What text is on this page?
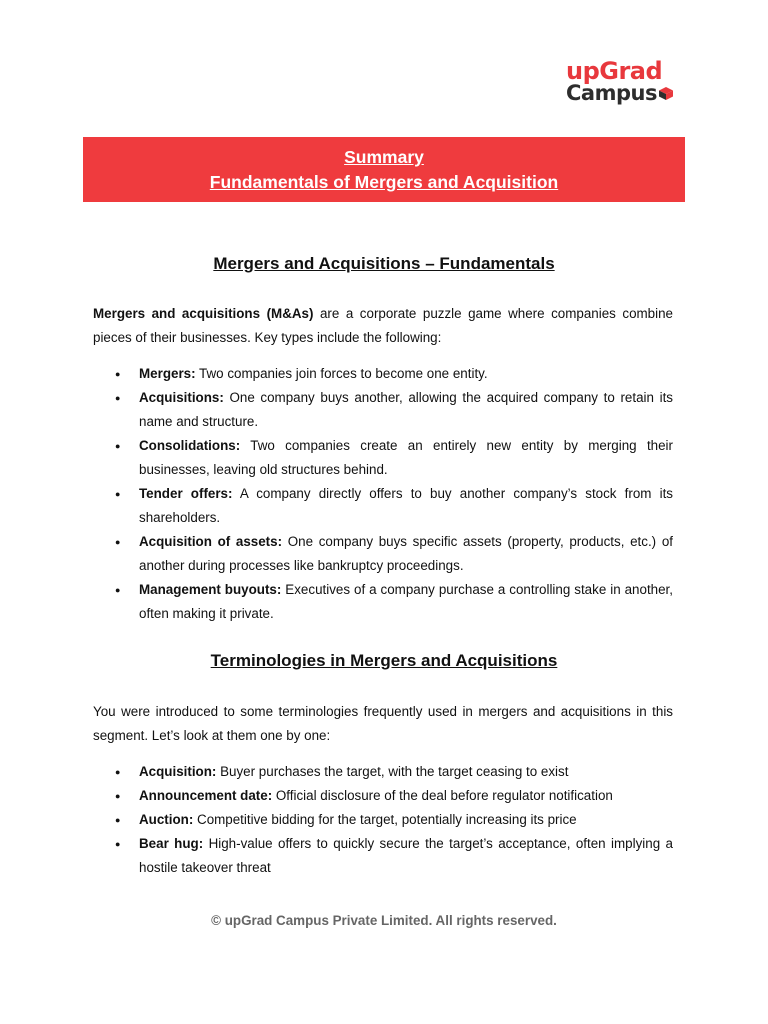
upGrad
Campus
Summary
Fundamentals of Mergers and Acquisition
Mergers and Acquisitions – Fundamentals

Mergers and acquisitions (M&As) are a corporate puzzle game where companies combine pieces of their businesses. Key types include the following:

● Mergers: Two companies join forces to become one entity.
● Acquisitions: One company buys another, allowing the acquired company to retain its name and structure.
● Consolidations: Two companies create an entirely new entity by merging their businesses, leaving old structures behind.
● Tender offers: A company directly offers to buy another company’s stock from its shareholders.
● Acquisition of assets: One company buys specific assets (property, products, etc.) of another during processes like bankruptcy proceedings.
● Management buyouts: Executives of a company purchase a controlling stake in another, often making it private.
Terminologies in Mergers and Acquisitions

You were introduced to some terminologies frequently used in mergers and acquisitions in this segment. Let’s look at them one by one:

● Acquisition: Buyer purchases the target, with the target ceasing to exist
● Announcement date: Official disclosure of the deal before regulator notification
● Auction: Competitive bidding for the target, potentially increasing its price
● Bear hug: High-value offers to quickly secure the target’s acceptance, often implying a hostile takeover threat
© upGrad Campus Private Limited. All rights reserved.
